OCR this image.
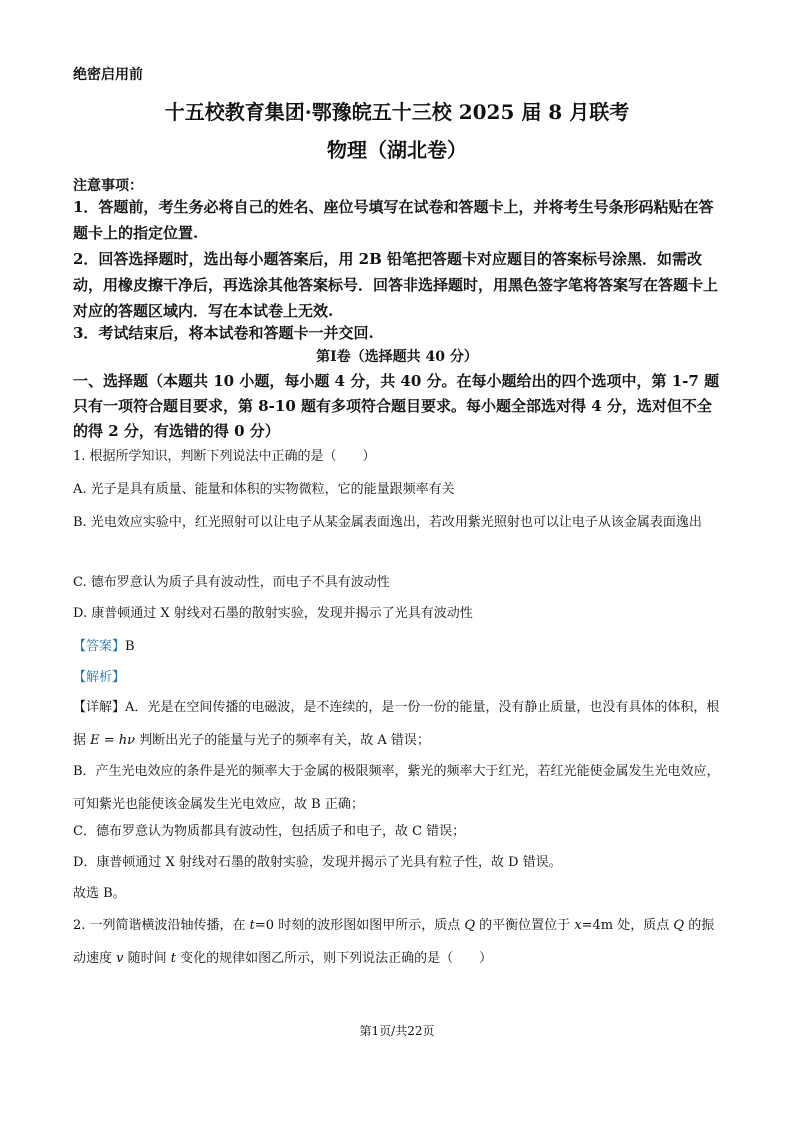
绝密启用前
十五校教育集团·鄂豫皖五十三校 2025 届 8 月联考
物理（湖北卷）
注意事项：
1．答题前，考生务必将自己的姓名、座位号填写在试卷和答题卡上，并将考生号条形码粘贴在答题卡上的指定位置.
2．回答选择题时，选出每小题答案后，用 2B 铅笔把答题卡对应题目的答案标号涂黑．如需改动，用橡皮擦干净后，再选涂其他答案标号．回答非选择题时，用黑色签字笔将答案写在答题卡上对应的答题区域内．写在本试卷上无效.
3．考试结束后，将本试卷和答题卡一并交回.
第Ⅰ卷（选择题共 40 分）
一、选择题（本题共 10 小题，每小题 4 分，共 40 分。在每小题给出的四个选项中，第 1-7 题只有一项符合题目要求，第 8-10 题有多项符合题目要求。每小题全部选对得 4 分，选对但不全的得 2 分，有选错的得 0 分）
1. 根据所学知识，判断下列说法中正确的是（　　）
A. 光子是具有质量、能量和体积的实物微粒，它的能量跟频率有关
B. 光电效应实验中，红光照射可以让电子从某金属表面逸出，若改用紫光照射也可以让电子从该金属表面逸出
C. 德布罗意认为质子具有波动性，而电子不具有波动性
D. 康普顿通过 X 射线对石墨的散射实验，发现并揭示了光具有波动性
【答案】B
【解析】
【详解】A．光是在空间传播的电磁波，是不连续的，是一份一份的能量，没有静止质量，也没有具体的体积，根据 E = hν 判断出光子的能量与光子的频率有关，故 A 错误；
B．产生光电效应的条件是光的频率大于金属的极限频率，紫光的频率大于红光，若红光能使金属发生光电效应，可知紫光也能使该金属发生光电效应，故 B 正确；
C．德布罗意认为物质都具有波动性，包括质子和电子，故 C 错误；
D．康普顿通过 X 射线对石墨的散射实验，发现并揭示了光具有粒子性，故 D 错误。
故选 B。
2. 一列简谐横波沿轴传播，在 t=0 时刻的波形图如图甲所示，质点 Q 的平衡位置位于 x=4m 处，质点 Q 的振动速度 v 随时间 t 变化的规律如图乙所示，则下列说法正确的是（　　）
第1页/共22页
